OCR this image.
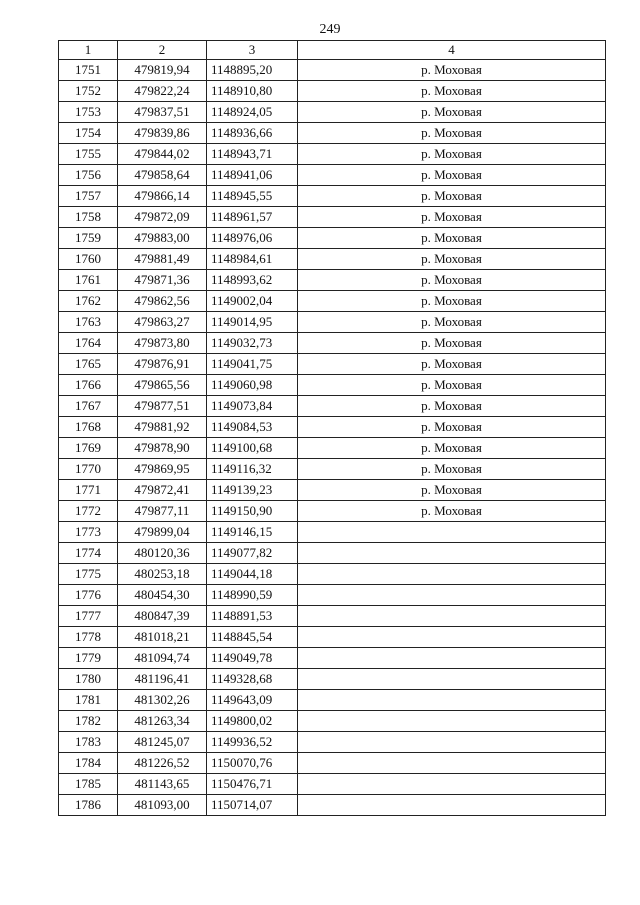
249
1	2	3	4
1751	479819,94	1148895,20	р. Моховая
1752	479822,24	1148910,80	р. Моховая
1753	479837,51	1148924,05	р. Моховая
1754	479839,86	1148936,66	р. Моховая
1755	479844,02	1148943,71	р. Моховая
1756	479858,64	1148941,06	р. Моховая
1757	479866,14	1148945,55	р. Моховая
1758	479872,09	1148961,57	р. Моховая
1759	479883,00	1148976,06	р. Моховая
1760	479881,49	1148984,61	р. Моховая
1761	479871,36	1148993,62	р. Моховая
1762	479862,56	1149002,04	р. Моховая
1763	479863,27	1149014,95	р. Моховая
1764	479873,80	1149032,73	р. Моховая
1765	479876,91	1149041,75	р. Моховая
1766	479865,56	1149060,98	р. Моховая
1767	479877,51	1149073,84	р. Моховая
1768	479881,92	1149084,53	р. Моховая
1769	479878,90	1149100,68	р. Моховая
1770	479869,95	1149116,32	р. Моховая
1771	479872,41	1149139,23	р. Моховая
1772	479877,11	1149150,90	р. Моховая
1773	479899,04	1149146,15	
1774	480120,36	1149077,82	
1775	480253,18	1149044,18	
1776	480454,30	1148990,59	
1777	480847,39	1148891,53	
1778	481018,21	1148845,54	
1779	481094,74	1149049,78	
1780	481196,41	1149328,68	
1781	481302,26	1149643,09	
1782	481263,34	1149800,02	
1783	481245,07	1149936,52	
1784	481226,52	1150070,76	
1785	481143,65	1150476,71	
1786	481093,00	1150714,07	
